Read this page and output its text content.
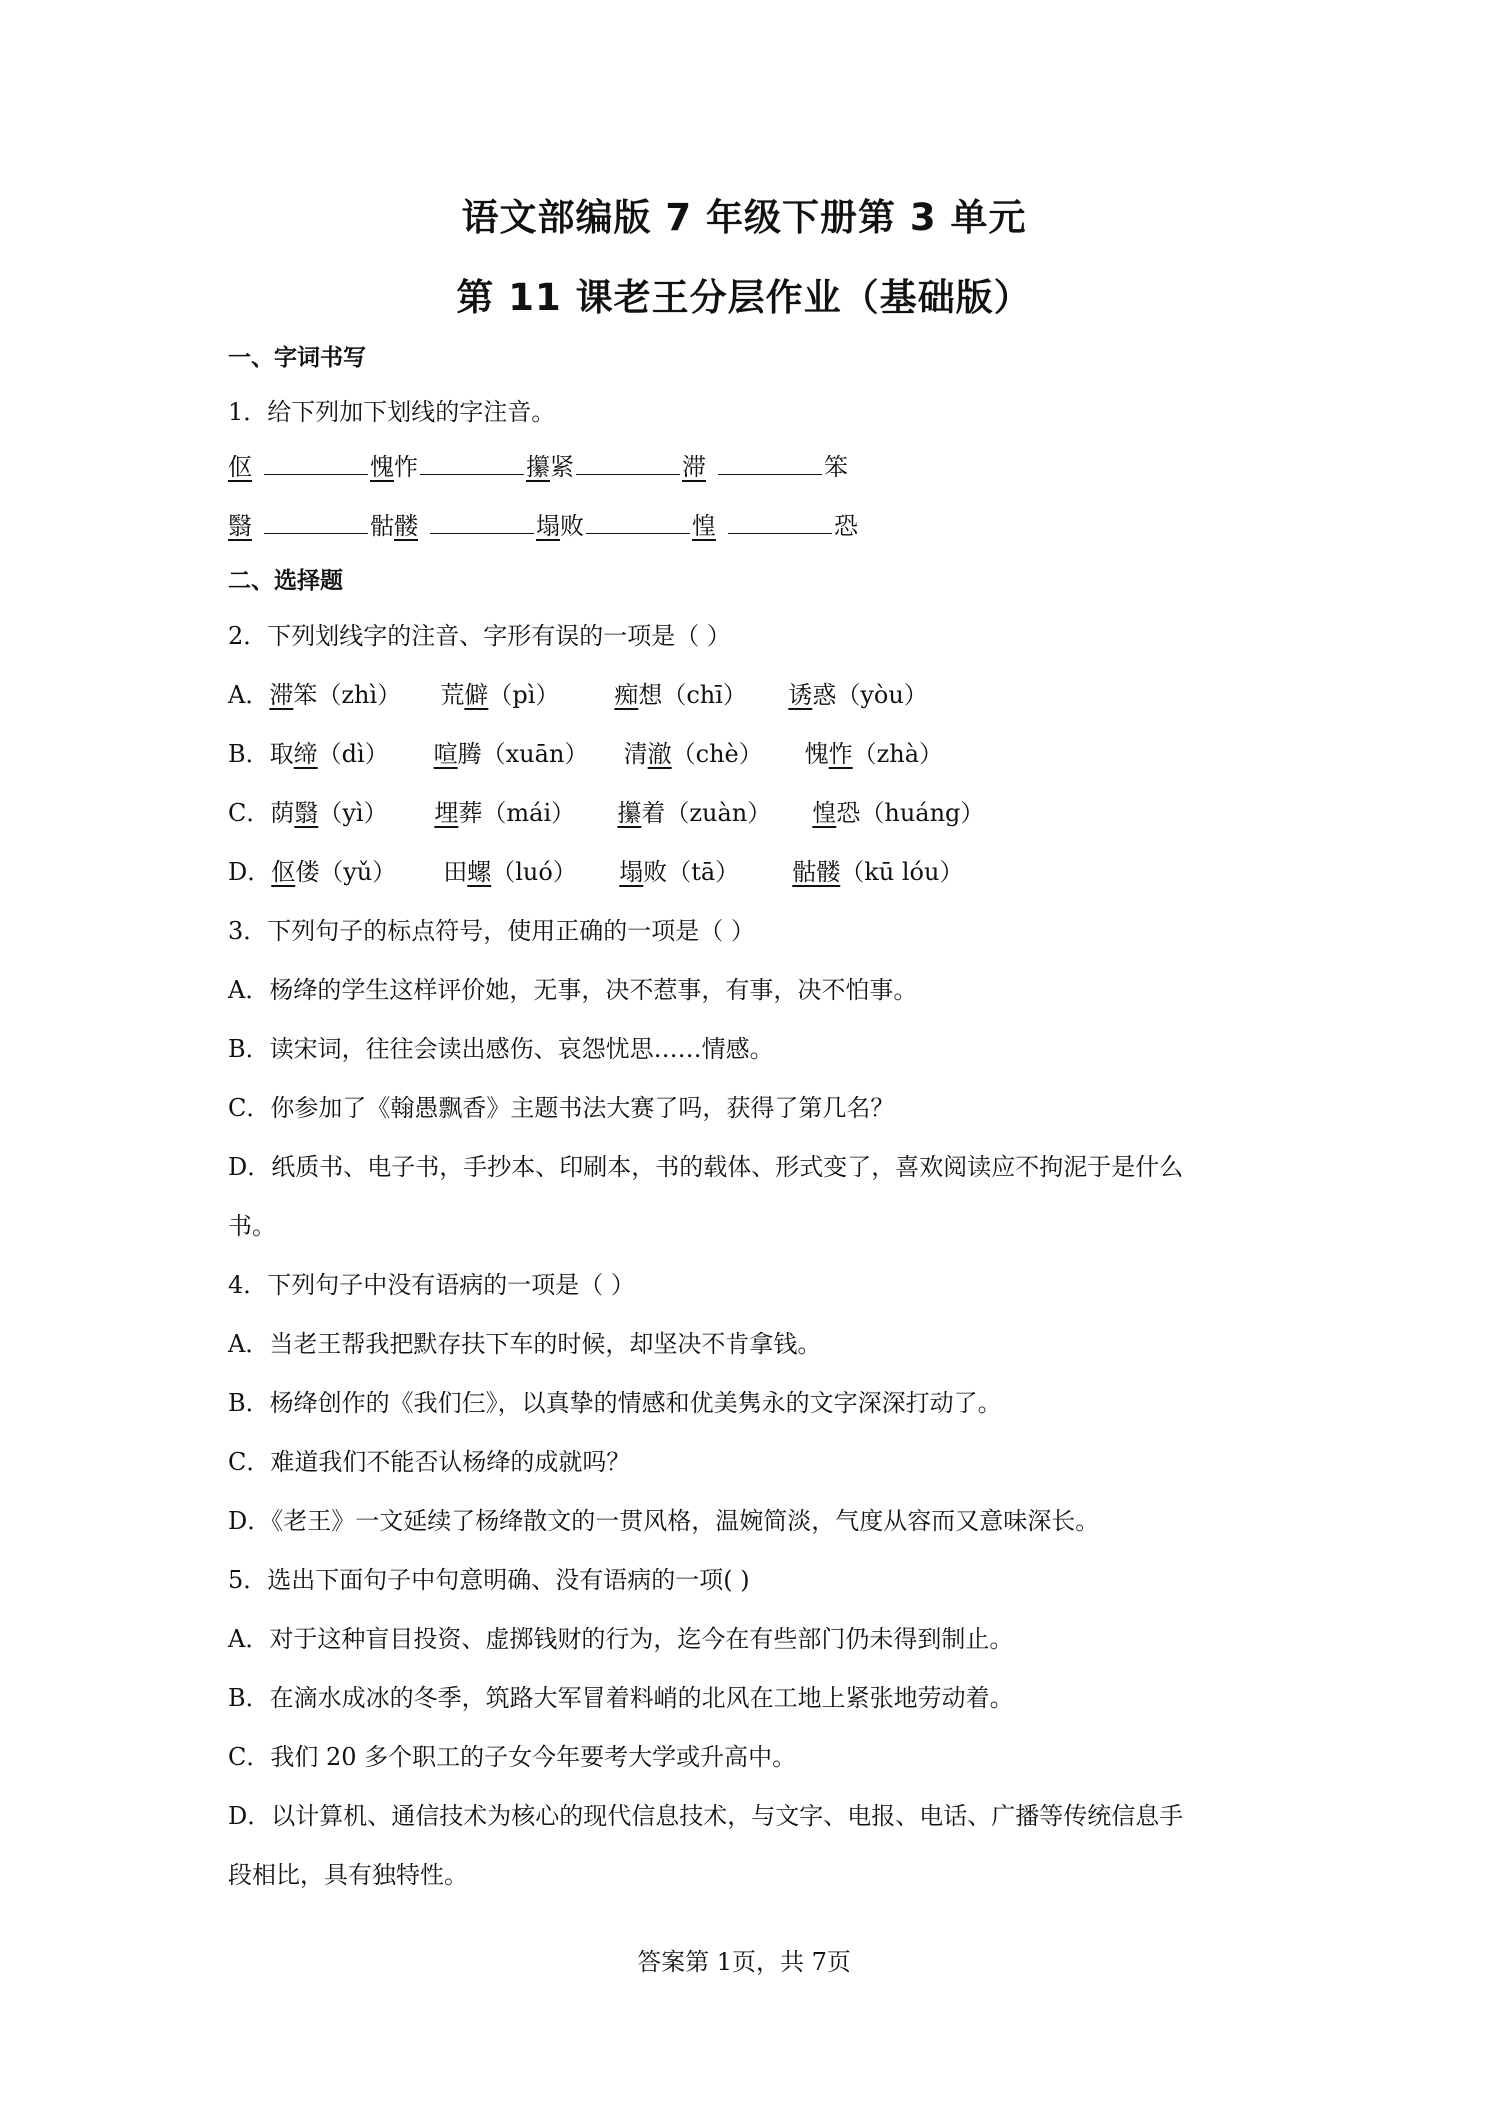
语文部编版 7 年级下册第 3 单元
第 11 课老王分层作业（基础版）
一、字词书写
1．给下列加下划线的字注音。
伛	愧怍	攥紧	滞	笨
翳	骷髅	塌败	惶	恐
二、选择题
2．下列划线字的注音、字形有误的一项是（ ）
A．滞笨（zhì） 荒僻（pì） 痴想（chī） 诱惑（yòu）
B．取缔（dì） 喧腾（xuān） 清澈（chè） 愧怍（zhà）
C．荫翳（yì） 埋葬（mái） 攥着（zuàn） 惶恐（huáng）
D．伛偻（yǔ） 田螺（luó） 塌败（tā） 骷髅（kū lóu）
3．下列句子的标点符号，使用正确的一项是（ ）
A．杨绛的学生这样评价她，无事，决不惹事，有事，决不怕事。
B．读宋词，往往会读出感伤、哀怨忧思……情感。
C．你参加了《翰愚飘香》主题书法大赛了吗，获得了第几名？
D．纸质书、电子书，手抄本、印刷本，书的载体、形式变了，喜欢阅读应不拘泥于是什么
书。
4．下列句子中没有语病的一项是（ ）
A．当老王帮我把默存扶下车的时候，却坚决不肯拿钱。
B．杨绛创作的《我们仨》，以真挚的情感和优美隽永的文字深深打动了。
C．难道我们不能否认杨绛的成就吗？
D．《老王》一文延续了杨绛散文的一贯风格，温婉简淡，气度从容而又意味深长。
5．选出下面句子中句意明确、没有语病的一项( )
A．对于这种盲目投资、虚掷钱财的行为，迄今在有些部门仍未得到制止。
B．在滴水成冰的冬季，筑路大军冒着料峭的北风在工地上紧张地劳动着。
C．我们 20 多个职工的子女今年要考大学或升高中。
D．以计算机、通信技术为核心的现代信息技术，与文字、电报、电话、广播等传统信息手
段相比，具有独特性。
答案第 1页，共 7页
